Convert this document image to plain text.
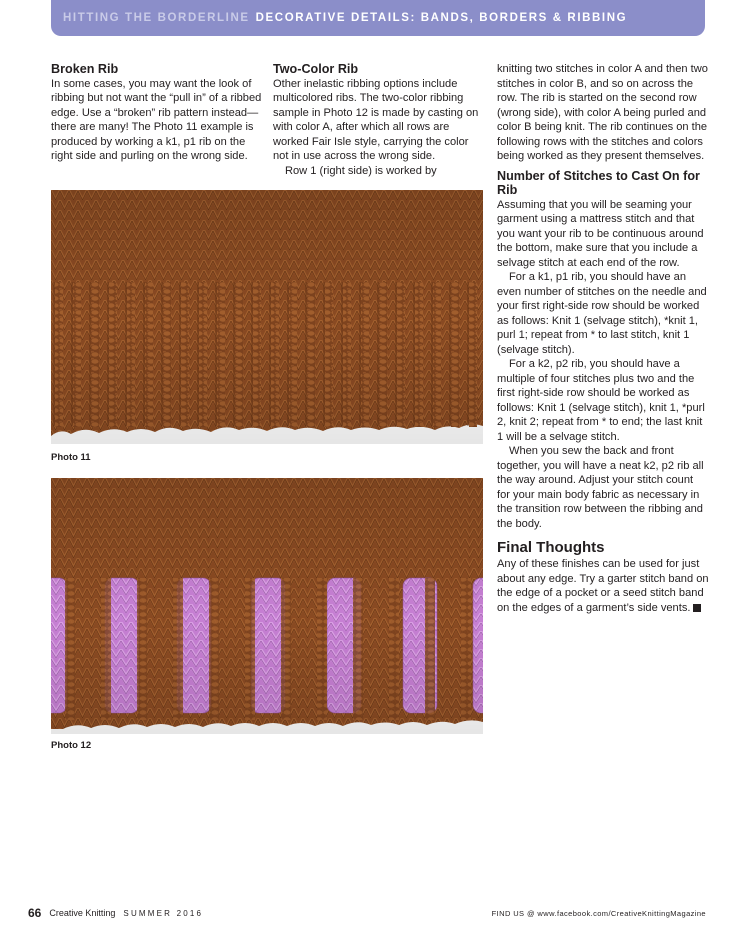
HITTING THE BORDERLINE DECORATIVE DETAILS: BANDS, BORDERS & RIBBING
Broken Rib

In some cases, you may want the look of ribbing but not want the “pull in” of a ribbed edge. Use a “broken” rib pattern instead— there are many! The Photo 11 example is produced by working a k1, p1 rib on the right side and purling on the wrong side.

Two-Color Rib

Other inelastic ribbing options include multicolored ribs. The two-color ribbing sample in Photo 12 is made by casting on with color A, after which all rows are worked Fair Isle style, carrying the color not in use across the wrong side.

Row 1 (right side) is worked by

knitting two stitches in color A and then two stitches in color B, and so on across the row. The rib is started on the second row (wrong side), with color A being purled and color B being knit. The rib continues on the following rows with the stitches and colors being worked as they present themselves.

Number of Stitches to Cast On for Rib

Assuming that you will be seaming your garment using a mattress stitch and that you want your rib to be continuous around the bottom, make sure that you include a selvage stitch at each end of the row.

For a k1, p1 rib, you should have an even number of stitches on the needle and your first right-side row should be worked as follows: Knit 1 (selvage stitch), *knit 1, purl 1; repeat from * to last stitch, knit 1 (selvage stitch).

For a k2, p2 rib, you should have a multiple of four stitches plus two and the first right-side row should be worked as follows: Knit 1 (selvage stitch), knit 1, *purl 2, knit 2; repeat from * to end; the last knit 1 will be a selvage stitch.

When you sew the back and front together, you will have a neat k2, p2 rib all the way around. Adjust your stitch count for your main body fabric as necessary in the transition row between the ribbing and the body.

Final Thoughts

Any of these finishes can be used for just about any edge. Try a garter stitch band on the edge of a pocket or a seed stitch band on the edges of a garment’s side vents.

Photo 11
Photo 12
66 Creative Knitting SUMMER 2016	FIND US @ www.facebook.com/CreativeKnittingMagazine
